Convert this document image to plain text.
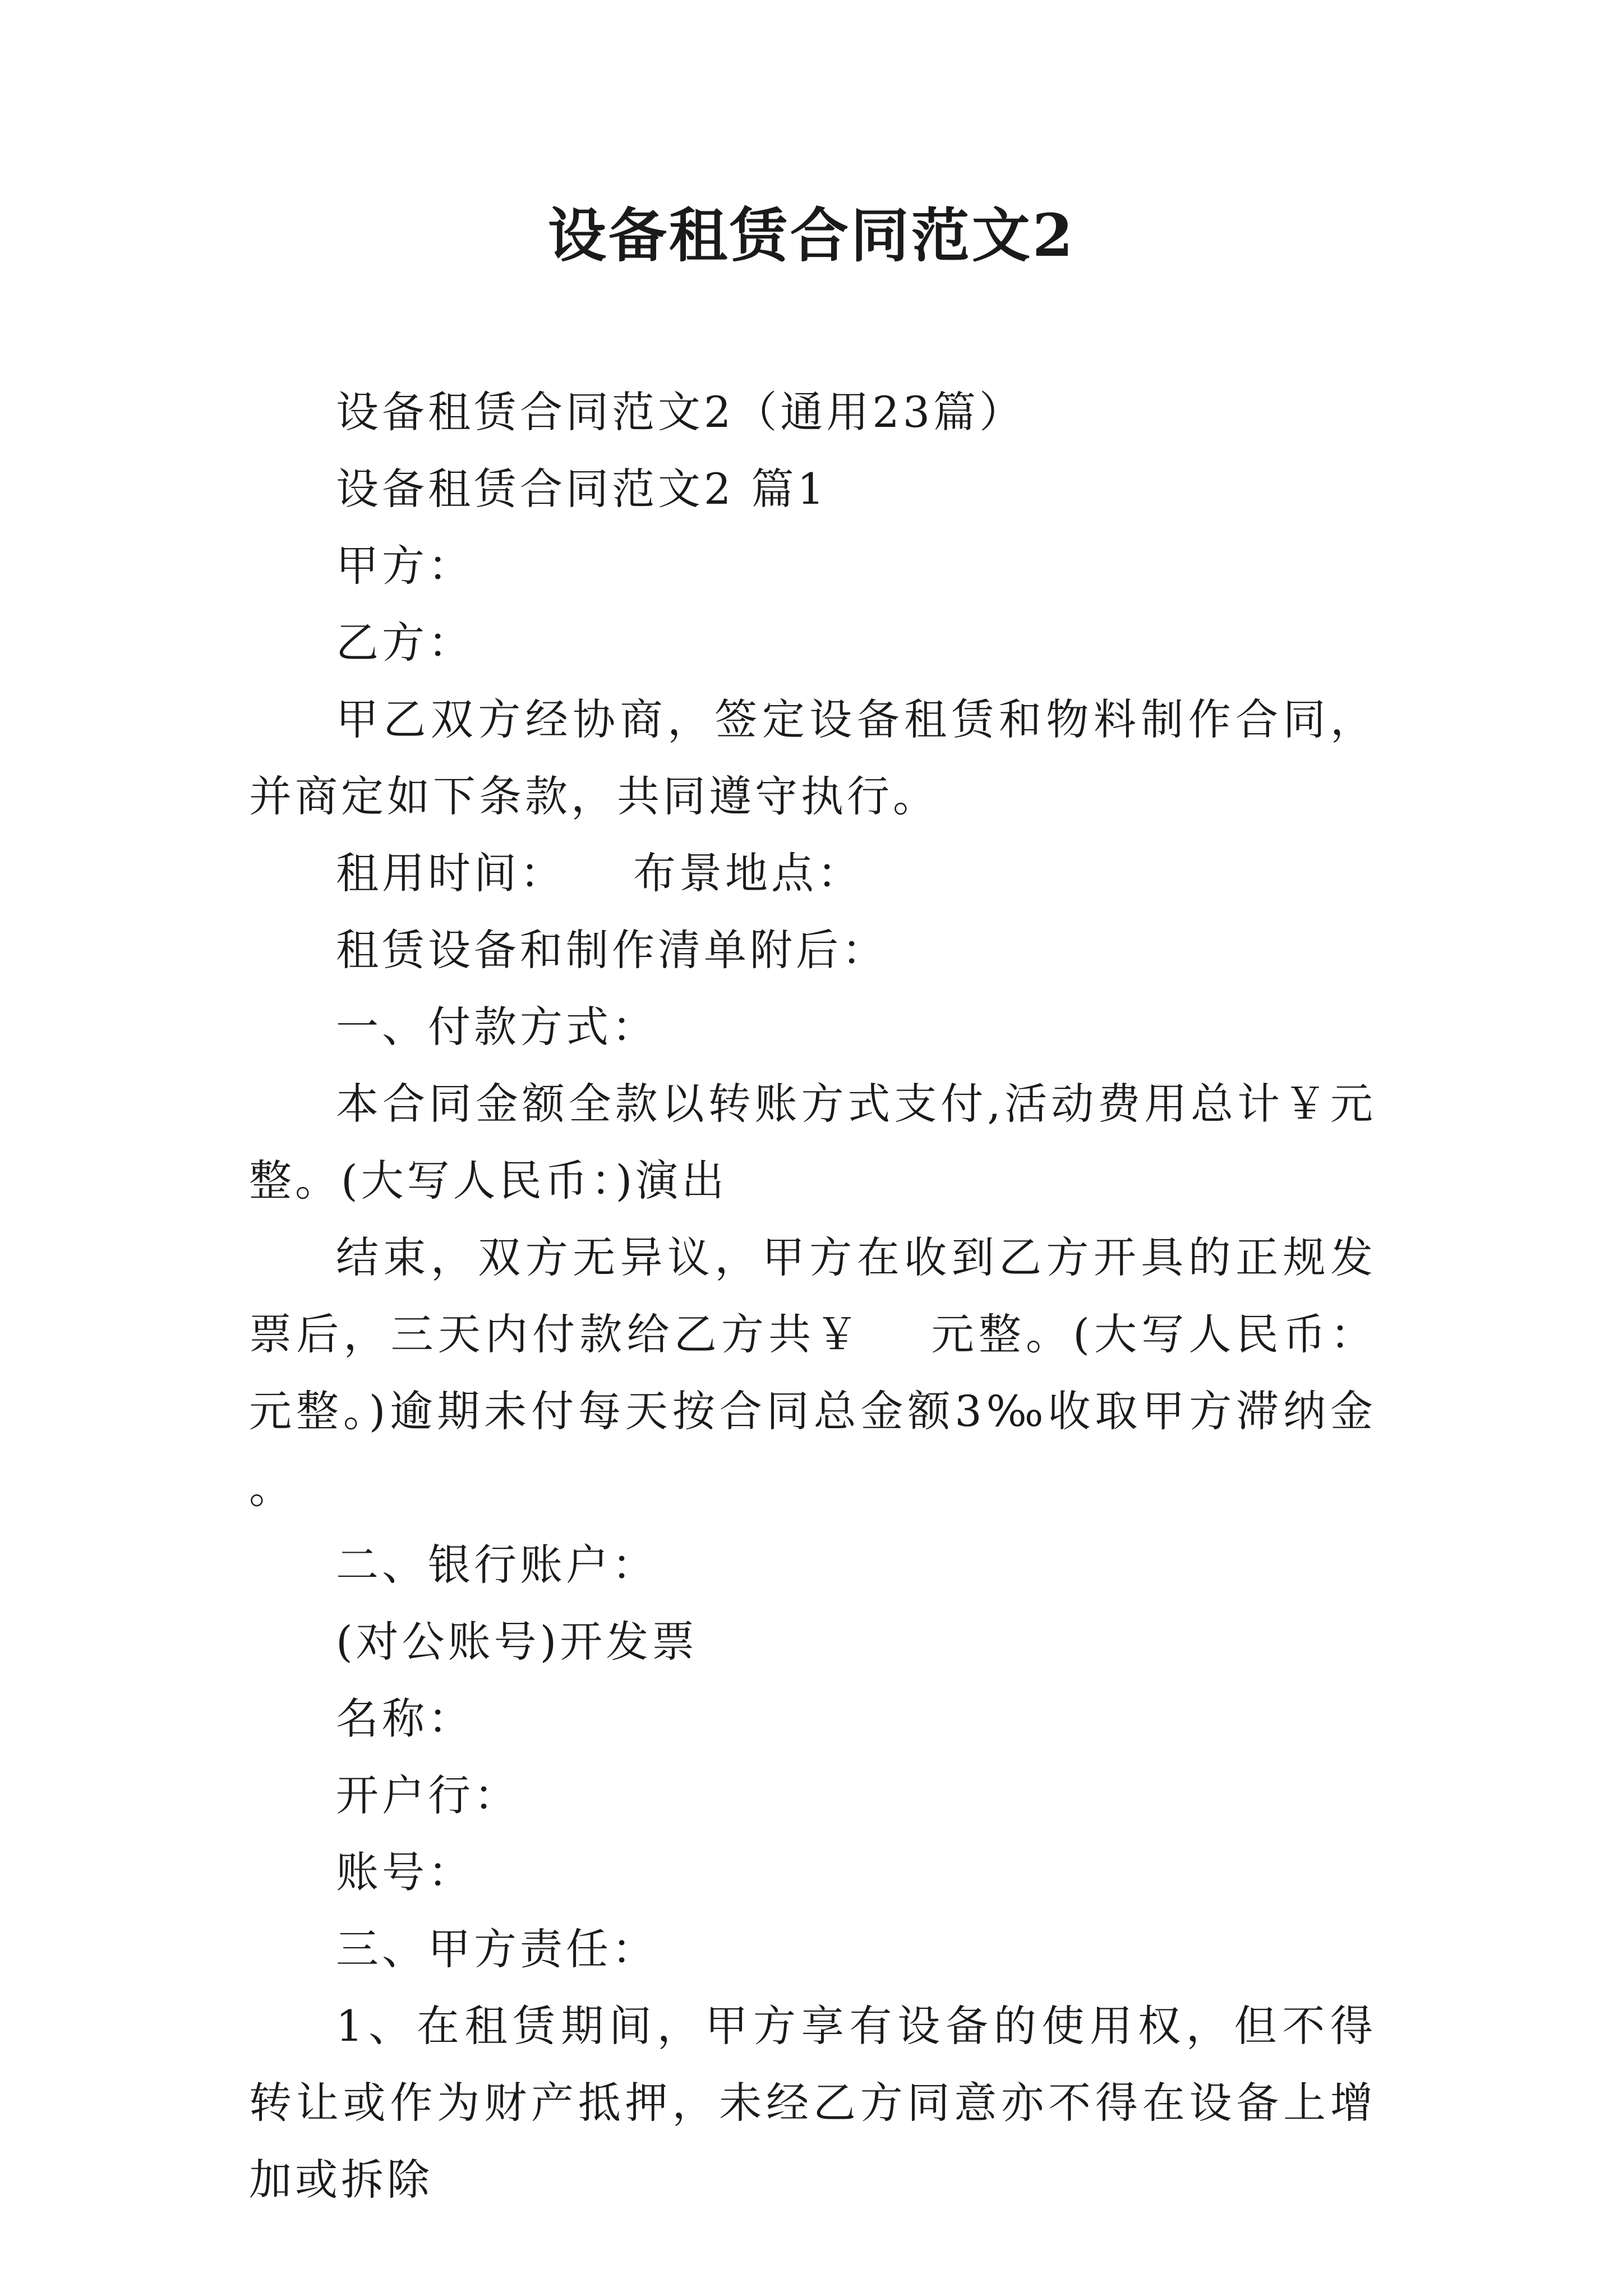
设备租赁合同范文2

设备租赁合同范文2（通用23篇）

设备租赁合同范文2 篇1

甲方：

乙方：

甲乙双方经协商，签定设备租赁和物料制作合同，并商定如下条款，共同遵守执行。

租用时间： 布景地点：

租赁设备和制作清单附后：

一、付款方式：

本合同金额全款以转账方式支付,活动费用总计￥元整。(大写人民币：)演出

结束，双方无异议，甲方在收到乙方开具的正规发票后，三天内付款给乙方共￥ 元整。(大写人民币：元整。)逾期未付每天按合同总金额3‰收取甲方滞纳金。

二、银行账户：

(对公账号)开发票

名称：

开户行：

账号：

三、甲方责任：

1、在租赁期间，甲方享有设备的使用权，但不得转让或作为财产抵押，未经乙方同意亦不得在设备上增加或拆除
